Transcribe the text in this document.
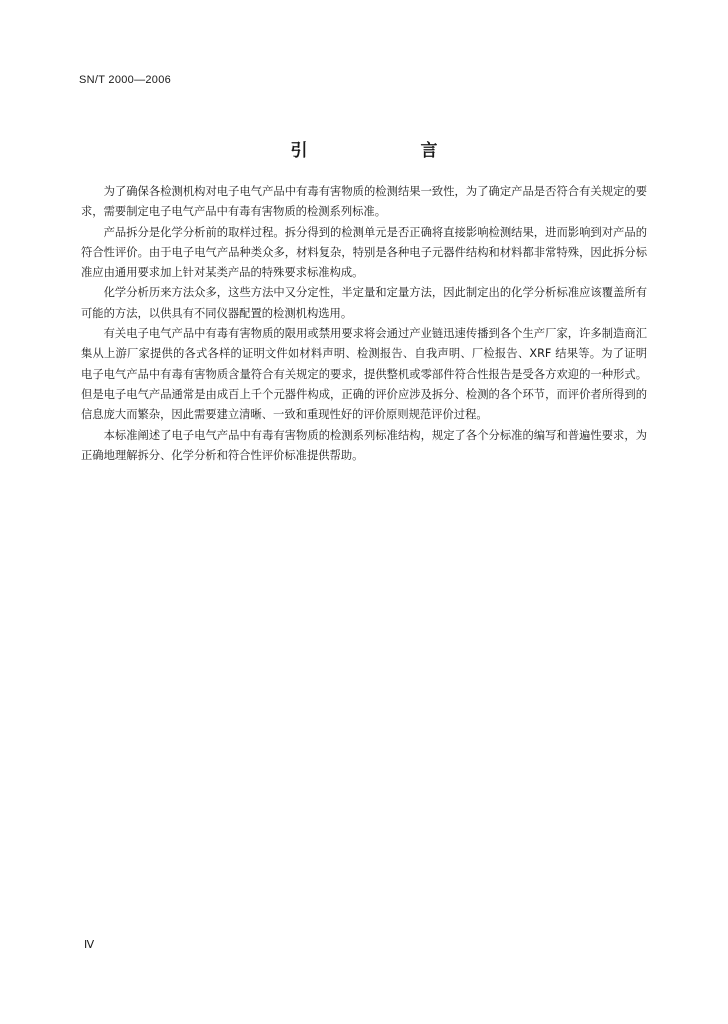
SN/T 2000—2006
引　言

为了确保各检测机构对电子电气产品中有毒有害物质的检测结果一致性，为了确定产品是否符合有关规定的要求，需要制定电子电气产品中有毒有害物质的检测系列标准。

产品拆分是化学分析前的取样过程。拆分得到的检测单元是否正确将直接影响检测结果，进而影响到对产品的符合性评价。由于电子电气产品种类众多，材料复杂，特别是各种电子元器件结构和材料都非常特殊，因此拆分标准应由通用要求加上针对某类产品的特殊要求标准构成。

化学分析历来方法众多，这些方法中又分定性，半定量和定量方法，因此制定出的化学分析标准应该覆盖所有可能的方法，以供具有不同仪器配置的检测机构选用。

有关电子电气产品中有毒有害物质的限用或禁用要求将会通过产业链迅速传播到各个生产厂家，许多制造商汇集从上游厂家提供的各式各样的证明文件如材料声明、检测报告、自我声明、厂检报告、XRF 结果等。为了证明电子电气产品中有毒有害物质含量符合有关规定的要求，提供整机或零部件符合性报告是受各方欢迎的一种形式。但是电子电气产品通常是由成百上千个元器件构成，正确的评价应涉及拆分、检测的各个环节，而评价者所得到的信息庞大而繁杂，因此需要建立清晰、一致和重现性好的评价原则规范评价过程。

本标准阐述了电子电气产品中有毒有害物质的检测系列标准结构，规定了各个分标准的编写和普遍性要求，为正确地理解拆分、化学分析和符合性评价标准提供帮助。

Ⅳ
